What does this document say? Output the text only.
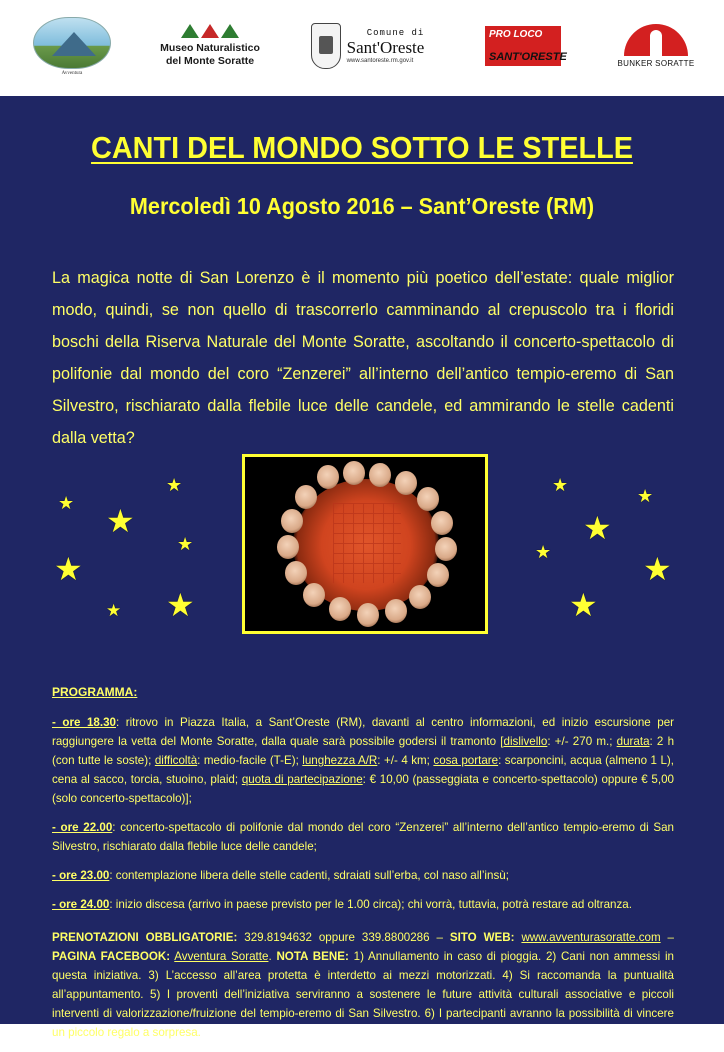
Avventura
Museo Naturalistico
del Monte Soratte
Comune di
Sant'Oreste
www.santoreste.rm.gov.it
PRO LOCO
SANT'ORESTE
BUNKER SORATTE
CANTI DEL MONDO SOTTO LE STELLE
Mercoledì 10 Agosto 2016 – Sant’Oreste (RM)
La magica notte di San Lorenzo è il momento più poetico dell’estate: quale miglior modo, quindi, se non quello di trascorrerlo camminando al crepuscolo tra i floridi boschi della Riserva Naturale del Monte Soratte, ascoltando il concerto-spettacolo di polifonie dal mondo del coro “Zenzerei” all’interno dell’antico tempio-eremo di San Silvestro, rischiarato dalla flebile luce delle candele, ed ammirando le stelle cadenti dalla vetta?
★
★
★
★
★
★
★
★
★
★
★	★
★
PROGRAMMA:

- ore 18.30: ritrovo in Piazza Italia, a Sant’Oreste (RM), davanti al centro informazioni, ed inizio escursione per raggiungere la vetta del Monte Soratte, dalla quale sarà possibile godersi il tramonto [dislivello: +/- 270 m.; durata: 2 h (con tutte le soste); difficoltà: medio-facile (T-E); lunghezza A/R: +/- 4 km; cosa portare: scarponcini, acqua (almeno 1 L), cena al sacco, torcia, stuoino, plaid; quota di partecipazione: € 10,00 (passeggiata e concerto-spettacolo) oppure € 5,00 (solo concerto-spettacolo)];

- ore 22.00: concerto-spettacolo di polifonie dal mondo del coro “Zenzerei” all’interno dell’antico tempio-eremo di San Silvestro, rischiarato dalla flebile luce delle candele;

- ore 23.00: contemplazione libera delle stelle cadenti, sdraiati sull’erba, col naso all’insù;

- ore 24.00: inizio discesa (arrivo in paese previsto per le 1.00 circa); chi vorrà, tuttavia, potrà restare ad oltranza.

PRENOTAZIONI OBBLIGATORIE: 329.8194632 oppure 339.8800286 – SITO WEB: www.avventurasoratte.com – PAGINA FACEBOOK: Avventura Soratte. NOTA BENE: 1) Annullamento in caso di pioggia. 2) Cani non ammessi in questa iniziativa. 3) L’accesso all’area protetta è interdetto ai mezzi motorizzati. 4) Si raccomanda la puntualità all’appuntamento. 5) I proventi dell’iniziativa serviranno a sostenere le future attività culturali associative e piccoli interventi di valorizzazione/fruizione del tempio-eremo di San Silvestro. 6) I partecipanti avranno la possibilità di vincere un piccolo regalo a sorpresa.
